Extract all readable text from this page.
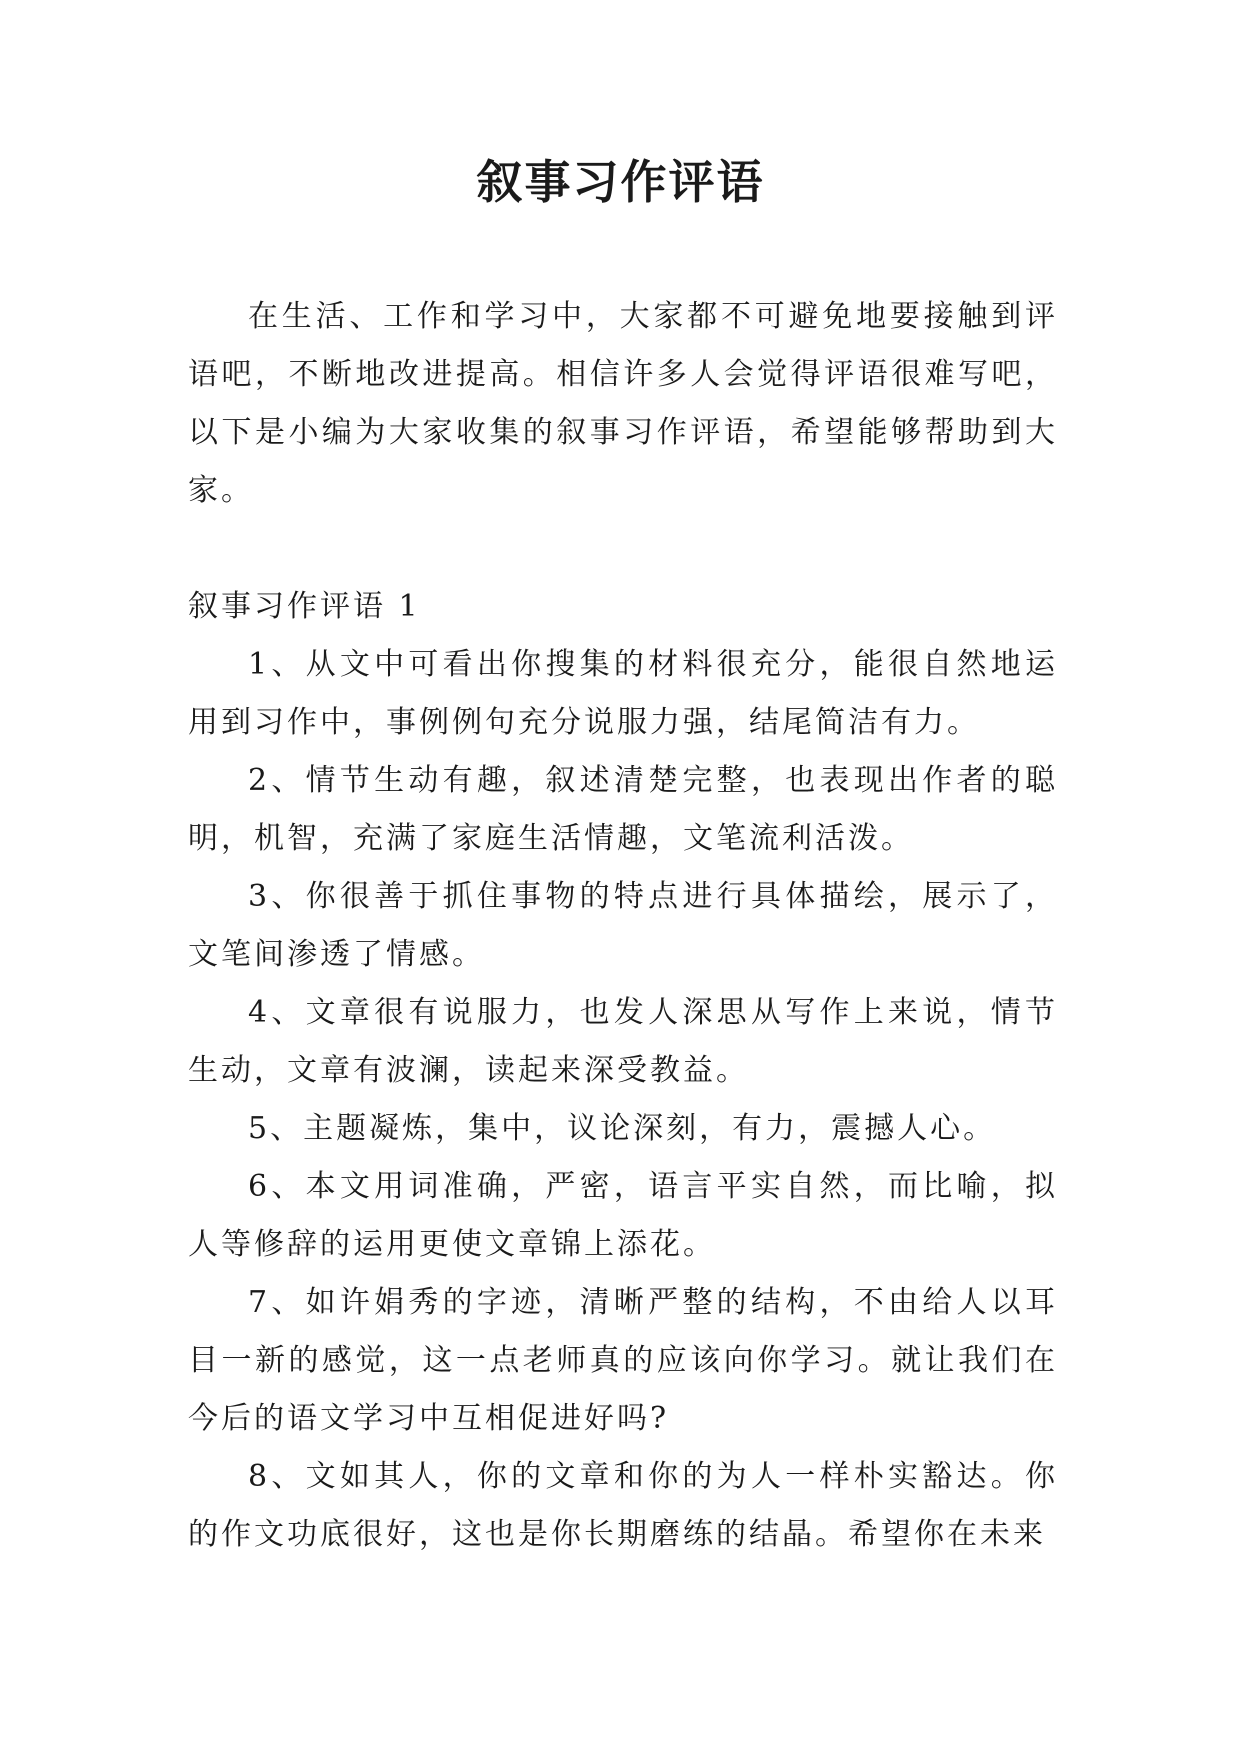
叙事习作评语

在生活、工作和学习中，大家都不可避免地要接触到评语吧，不断地改进提高。相信许多人会觉得评语很难写吧，以下是小编为大家收集的叙事习作评语，希望能够帮助到大家。

叙事习作评语 1

1、从文中可看出你搜集的材料很充分，能很自然地运用到习作中，事例例句充分说服力强，结尾简洁有力。

2、情节生动有趣，叙述清楚完整，也表现出作者的聪明，机智，充满了家庭生活情趣，文笔流利活泼。

3、你很善于抓住事物的特点进行具体描绘，展示了，文笔间渗透了情感。

4、文章很有说服力，也发人深思从写作上来说，情节生动，文章有波澜，读起来深受教益。

5、主题凝炼，集中，议论深刻，有力，震撼人心。

6、本文用词准确，严密，语言平实自然，而比喻，拟人等修辞的运用更使文章锦上添花。

7、如许娟秀的字迹，清晰严整的结构，不由给人以耳目一新的感觉，这一点老师真的应该向你学习。就让我们在今后的语文学习中互相促进好吗?

8、文如其人，你的文章和你的为人一样朴实豁达。你的作文功底很好，这也是你长期磨练的结晶。希望你在未来
